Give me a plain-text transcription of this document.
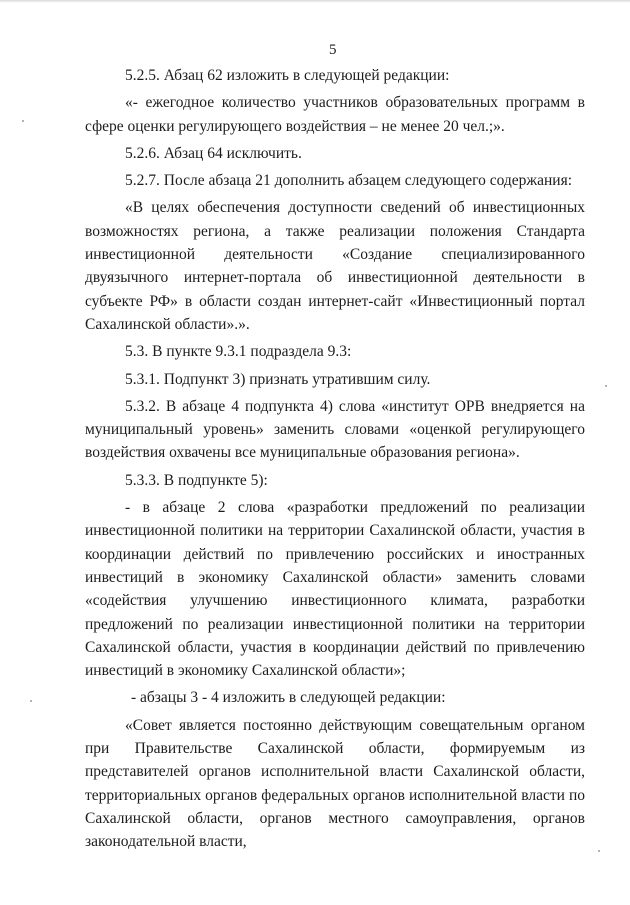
5

5.2.5. Абзац 62 изложить в следующей редакции:

«- ежегодное количество участников образовательных программ в сфере оценки регулирующего воздействия – не менее 20 чел.;».

5.2.6. Абзац 64 исключить.

5.2.7. После абзаца 21 дополнить абзацем следующего содержания:

«В целях обеспечения доступности сведений об инвестиционных возможностях региона, а также реализации положения Стандарта инвестиционной деятельности «Создание специализированного двуязычного интернет-портала об инвестиционной деятельности в субъекте РФ» в области создан интернет-сайт «Инвестиционный портал Сахалинской области».».

5.3. В пункте 9.3.1 подраздела 9.3:

5.3.1. Подпункт 3) признать утратившим силу.

5.3.2. В абзаце 4 подпункта 4) слова «институт ОРВ внедряется на муниципальный уровень» заменить словами «оценкой регулирующего воздействия охвачены все муниципальные образования региона».

5.3.3. В подпункте 5):

- в абзаце 2 слова «разработки предложений по реализации инвестиционной политики на территории Сахалинской области, участия в координации действий по привлечению российских и иностранных инвестиций в экономику Сахалинской области» заменить словами «содействия улучшению инвестиционного климата, разработки предложений по реализации инвестиционной политики на территории Сахалинской области, участия в координации действий по привлечению инвестиций в экономику Сахалинской области»;

- абзацы 3 - 4 изложить в следующей редакции:

«Совет является постоянно действующим совещательным органом при Правительстве Сахалинской области, формируемым из представителей органов исполнительной власти Сахалинской области, территориальных органов федеральных органов исполнительной власти по Сахалинской области, органов местного самоуправления, органов законодательной власти,
